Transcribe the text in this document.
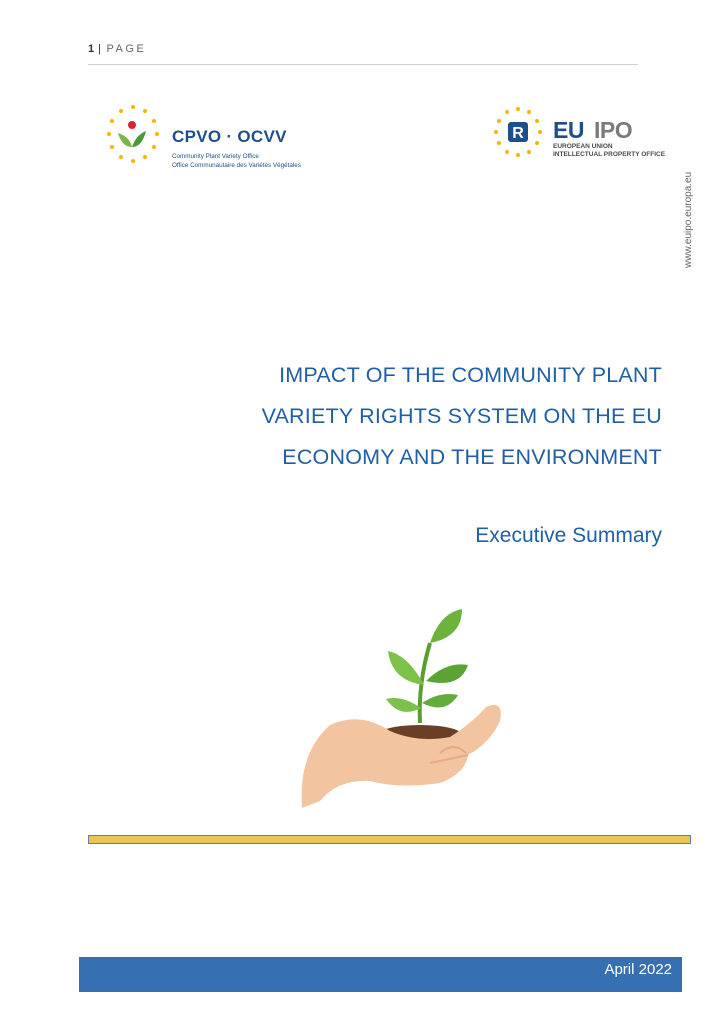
1 | PAGE
CPVO · OCVV
Community Plant Variety Office
Office Communautaire des Variétés Végétales
R EU IPO
EUROPEAN UNION
INTELLECTUAL PROPERTY OFFICE
www.euipo.europa.eu
IMPACT OF THE COMMUNITY PLANT
VARIETY RIGHTS SYSTEM ON THE EU
ECONOMY AND THE ENVIRONMENT
Executive Summary
April 2022
